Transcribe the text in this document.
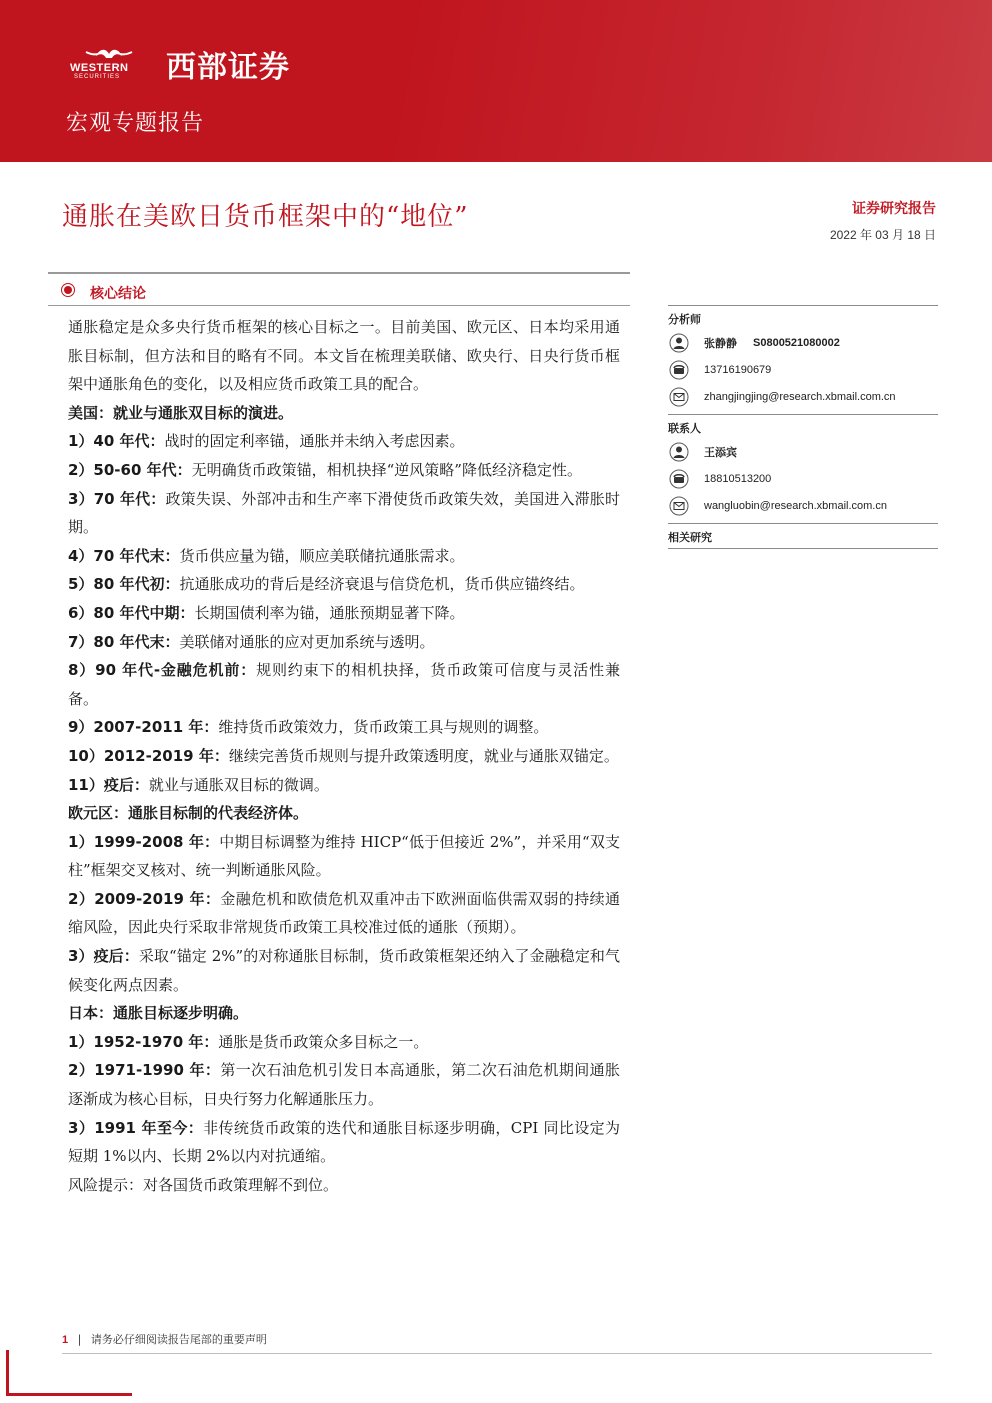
WESTERN
SECURITIES 西部证券
宏观专题报告
通胀在美欧日货币框架中的“地位”	证券研究报告
2022 年 03 月 18 日
核心结论
通胀稳定是众多央行货币框架的核心目标之一。目前美国、欧元区、日本均采用通胀目标制，但方法和目的略有不同。本文旨在梳理美联储、欧央行、日央行货币框架中通胀角色的变化，以及相应货币政策工具的配合。
美国：就业与通胀双目标的演进。
1）40 年代：战时的固定利率锚，通胀并未纳入考虑因素。
2）50-60 年代：无明确货币政策锚，相机抉择“逆风策略”降低经济稳定性。
3）70 年代：政策失误、外部冲击和生产率下滑使货币政策失效，美国进入滞胀时期。
4）70 年代末：货币供应量为锚，顺应美联储抗通胀需求。
5）80 年代初：抗通胀成功的背后是经济衰退与信贷危机，货币供应锚终结。
6）80 年代中期：长期国债利率为锚，通胀预期显著下降。
7）80 年代末：美联储对通胀的应对更加系统与透明。
8）90 年代-金融危机前：规则约束下的相机抉择，货币政策可信度与灵活性兼备。
9）2007-2011 年：维持货币政策效力，货币政策工具与规则的调整。
10）2012-2019 年：继续完善货币规则与提升政策透明度，就业与通胀双锚定。
11）疫后：就业与通胀双目标的微调。
欧元区：通胀目标制的代表经济体。
1）1999-2008 年：中期目标调整为维持 HICP“低于但接近 2%”，并采用“双支柱”框架交叉核对、统一判断通胀风险。
2）2009-2019 年：金融危机和欧债危机双重冲击下欧洲面临供需双弱的持续通缩风险，因此央行采取非常规货币政策工具校准过低的通胀（预期）。
3）疫后：采取“锚定 2%”的对称通胀目标制，货币政策框架还纳入了金融稳定和气候变化两点因素。
日本：通胀目标逐步明确。
1）1952-1970 年：通胀是货币政策众多目标之一。
2）1971-1990 年：第一次石油危机引发日本高通胀，第二次石油危机期间通胀逐渐成为核心目标，日央行努力化解通胀压力。
3）1991 年至今：非传统货币政策的迭代和通胀目标逐步明确，CPI 同比设定为短期 1%以内、长期 2%以内对抗通缩。
风险提示：对各国货币政策理解不到位。
分析师
张静静 S0800521080002
13716190679
zhangjingjing@research.xbmail.com.cn
联系人
王添宾
18810513200
wangluobin@research.xbmail.com.cn
相关研究
1 | 请务必仔细阅读报告尾部的重要声明
